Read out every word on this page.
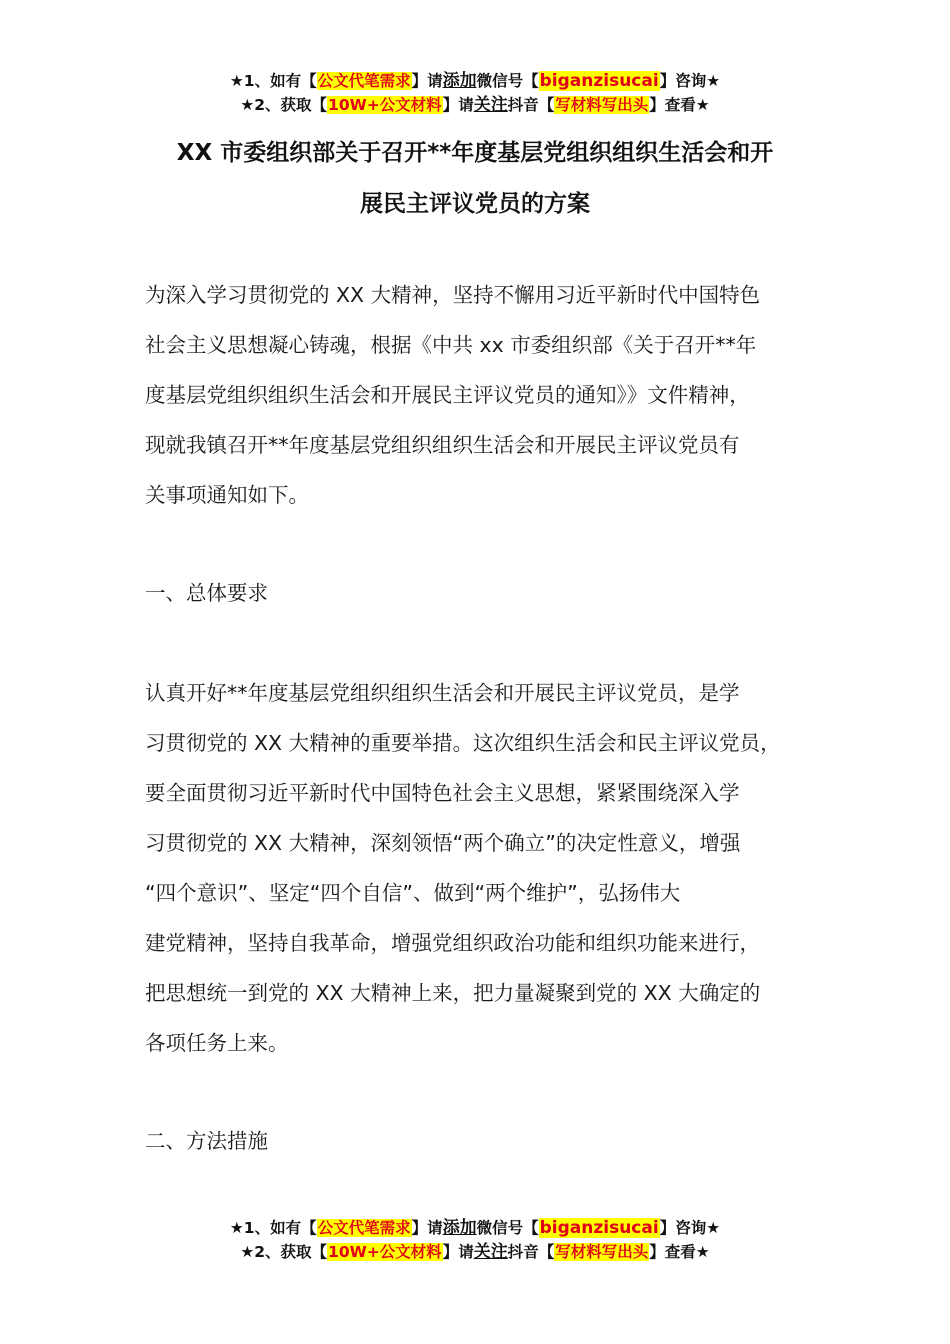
★1、如有【公文代笔需求】请添加微信号【biganzisucai】咨询★
★2、获取【10W+公文材料】请关注抖音【写材料写出头】查看★
XX 市委组织部关于召开**年度基层党组织组织生活会和开
展民主评议党员的方案
为深入学习贯彻党的 XX 大精神，坚持不懈用习近平新时代中国特色
社会主义思想凝心铸魂，根据《中共 xx 市委组织部《关于召开**年
度基层党组织组织生活会和开展民主评议党员的通知》》文件精神，
现就我镇召开**年度基层党组织组织生活会和开展民主评议党员有
关事项通知如下。
一、总体要求
认真开好**年度基层党组织组织生活会和开展民主评议党员，是学
习贯彻党的 XX 大精神的重要举措。这次组织生活会和民主评议党员，
要全面贯彻习近平新时代中国特色社会主义思想，紧紧围绕深入学
习贯彻党的 XX 大精神，深刻领悟“两个确立”的决定性意义，增强
“四个意识”、坚定“四个自信”、做到“两个维护”，弘扬伟大
建党精神，坚持自我革命，增强党组织政治功能和组织功能来进行，
把思想统一到党的 XX 大精神上来，把力量凝聚到党的 XX 大确定的
各项任务上来。
二、方法措施
★1、如有【公文代笔需求】请添加微信号【biganzisucai】咨询★
★2、获取【10W+公文材料】请关注抖音【写材料写出头】查看★
